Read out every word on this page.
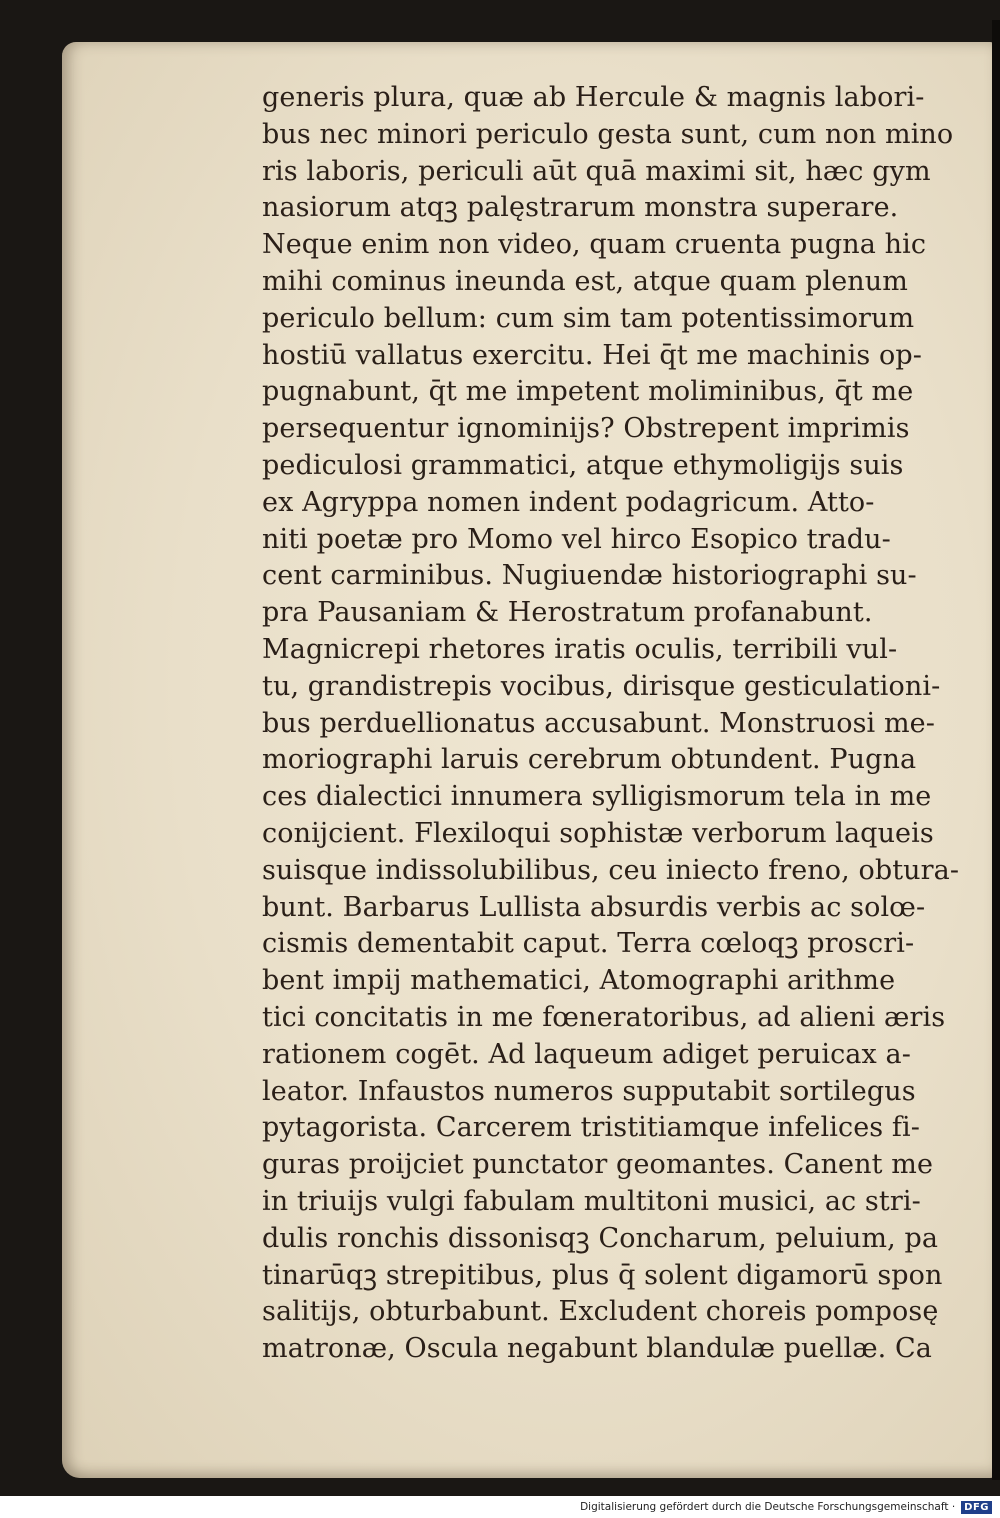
generis plura, quæ ab Hercule & magnis labori-
bus nec minori periculo gesta sunt, cum non mino
ris laboris, periculi aūt quā maximi sit, hæc gym
nasiorum atqꝫ palęstrarum monstra superare.
Neque enim non video, quam cruenta pugna hic
mihi cominus ineunda est, atque quam plenum
periculo bellum: cum sim tam potentissimorum
hostiū vallatus exercitu. Hei q̄t me machinis op-
pugnabunt, q̄t me impetent moliminibus, q̄t me
persequentur ignominijs? Obstrepent imprimis
pediculosi grammatici, atque ethymoligijs suis
ex Agryppa nomen indent podagricum. Atto-
niti poetæ pro Momo vel hirco Esopico tradu-
cent carminibus. Nugiuendæ historiographi su-
pra Pausaniam & Herostratum profanabunt.
Magnicrepi rhetores iratis oculis, terribili vul-
tu, grandistrepis vocibus, dirisque gesticulationi-
bus perduellionatus accusabunt. Monstruosi me-
moriographi laruis cerebrum obtundent. Pugna
ces dialectici innumera sylligismorum tela in me
conijcient. Flexiloqui sophistæ verborum laqueis
suisque indissolubilibus, ceu iniecto freno, obtura-
bunt. Barbarus Lullista absurdis verbis ac solœ-
cismis dementabit caput. Terra cœloqꝫ proscri-
bent impij mathematici, Atomographi arithme
tici concitatis in me fœneratoribus, ad alieni æris
rationem cogēt. Ad laqueum adiget peruicax a-
leator. Infaustos numeros supputabit sortilegus
pytagorista. Carcerem tristitiamque infelices fi-
guras proijciet punctator geomantes. Canent me
in triuijs vulgi fabulam multitoni musici, ac stri-
dulis ronchis dissonisqꝫ Concharum, peluium, pa
tinarūqꝫ strepitibus, plus q̄ solent digamorū spon
salitijs, obturbabunt. Excludent choreis pomposę
matronæ, Oscula negabunt blandulæ puellæ. Ca
Digitalisierung gefördert durch die Deutsche Forschungsgemeinschaft · DFG
